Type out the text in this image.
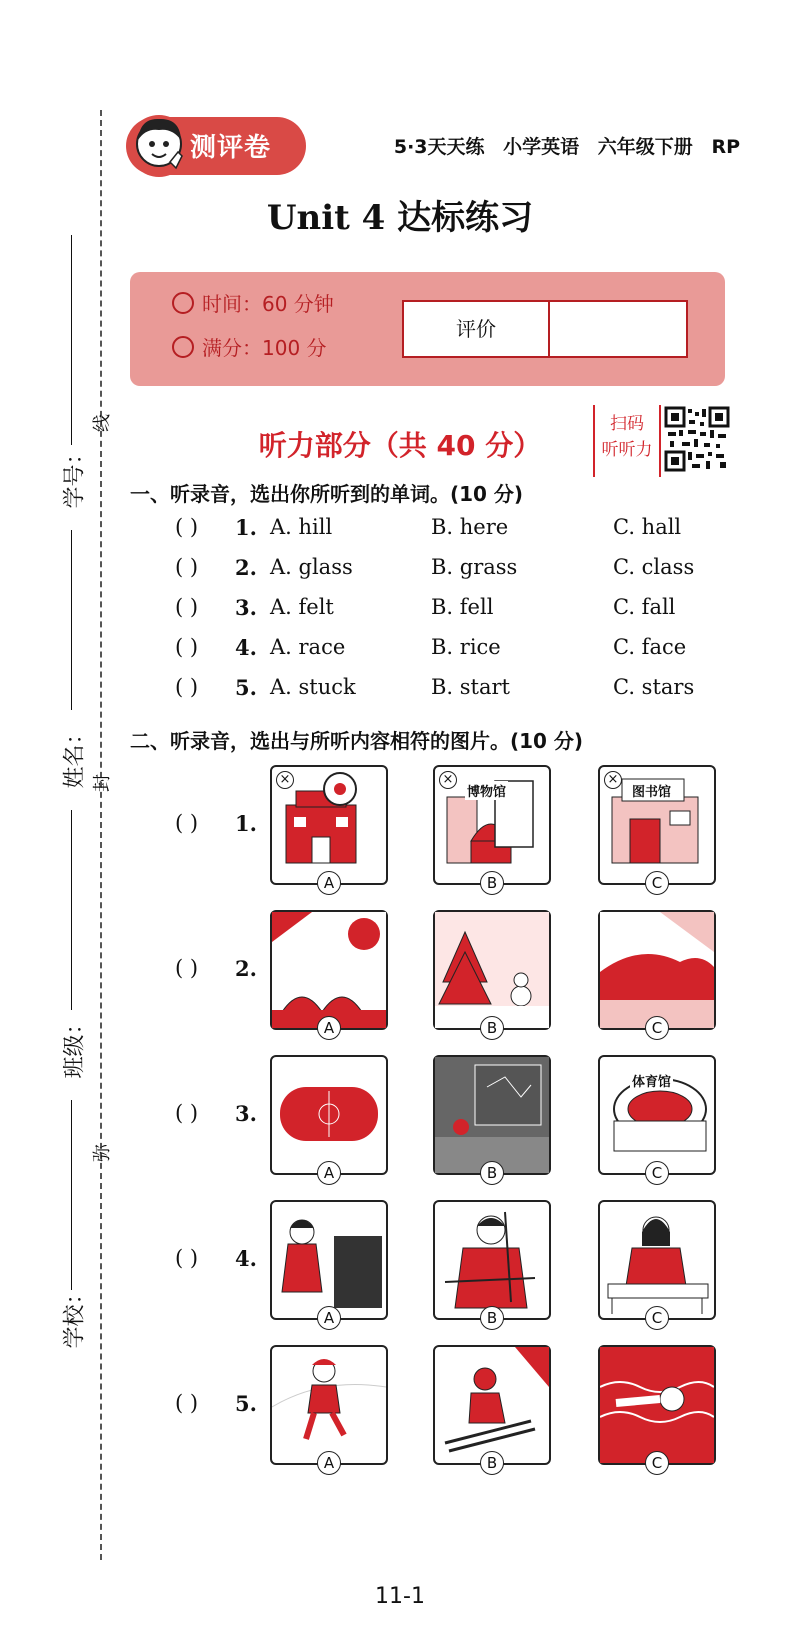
学号：
姓名：
班级：
学校：
线
封
弥
测评卷	5·3天天练 小学英语 六年级下册 RP
Unit 4 达标练习
时间：60 分钟
满分：100 分
评价
听力部分（共 40 分）
扫码
听听力
一、听录音，选出你所听到的单词。(10 分)
( ) 1. A. hill	B. here	C. hall
( ) 2. A. glass	B. grass	C. class
( ) 3. A. felt	B. fell	C. fall
( ) 4. A. race	B. rice	C. face
( ) 5. A. stuck	B. start	C. stars
二、听录音，选出与所听内容相符的图片。(10 分)
( ) 1.
×
A
博物馆
×
B
图书馆
×
C
( ) 2.
A	B	C
( ) 3.
A	B
体育馆
C
( ) 4.
A	B	C
( ) 5.
A	B	C
11-1
